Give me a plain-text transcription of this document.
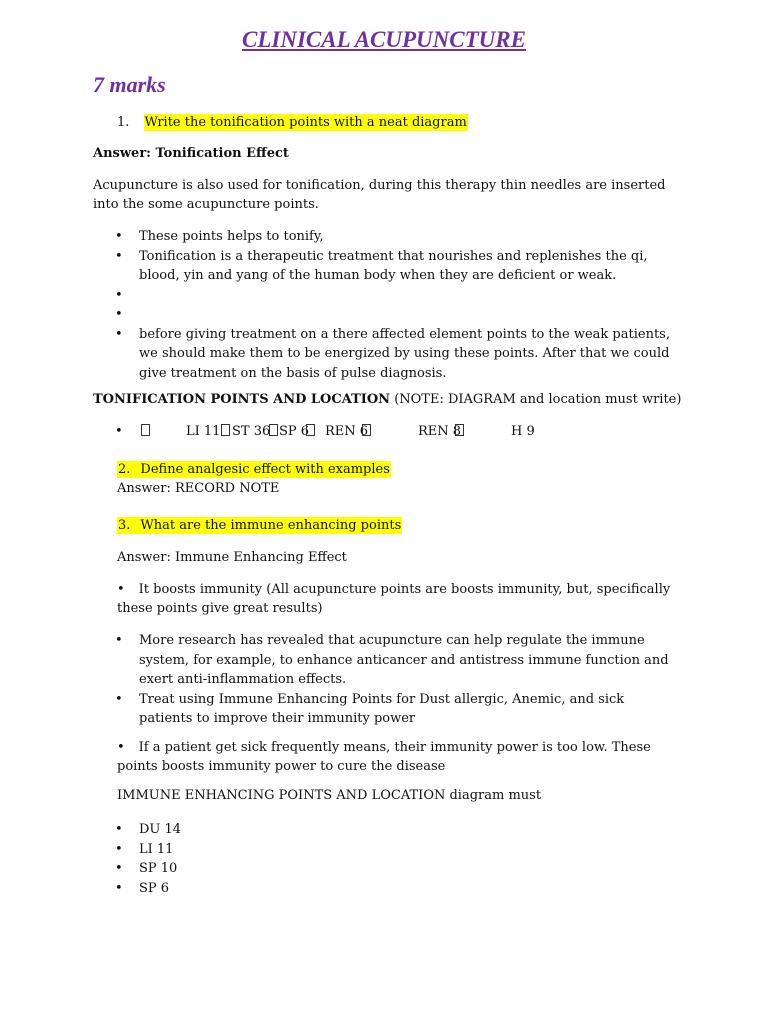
CLINICAL ACUPUNCTURE
7 marks
1. Write the tonification points with a neat diagram
Answer: Tonification Effect
Acupuncture is also used for tonification, during this therapy thin needles are inserted into the some acupuncture points.
• These points helps to tonify,
• Tonification is a therapeutic treatment that nourishes and replenishes the qi, blood, yin and yang of the human body when they are deficient or weak.
•
•
• before giving treatment on a there affected element points to the weak patients, we should make them to be energized by using these points. After that we could give treatment on the basis of pulse diagnosis.
TONIFICATION POINTS AND LOCATION (NOTE: DIAGRAM and location must write)
•	LI 11 ST 36 SP 6 REN 6	REN 8	H 9
2. Define analgesic effect with examples
Answer: RECORD NOTE
3. What are the immune enhancing points
Answer: Immune Enhancing Effect
• It boosts immunity (All acupuncture points are boosts immunity, but, specifically these points give great results)
• More research has revealed that acupuncture can help regulate the immune system, for example, to enhance anticancer and antistress immune function and exert anti-inflammation effects.
• Treat using Immune Enhancing Points for Dust allergic, Anemic, and sick patients to improve their immunity power
• If a patient get sick frequently means, their immunity power is too low. These points boosts immunity power to cure the disease
IMMUNE ENHANCING POINTS AND LOCATION diagram must
• DU 14
• LI 11
• SP 10
• SP 6
